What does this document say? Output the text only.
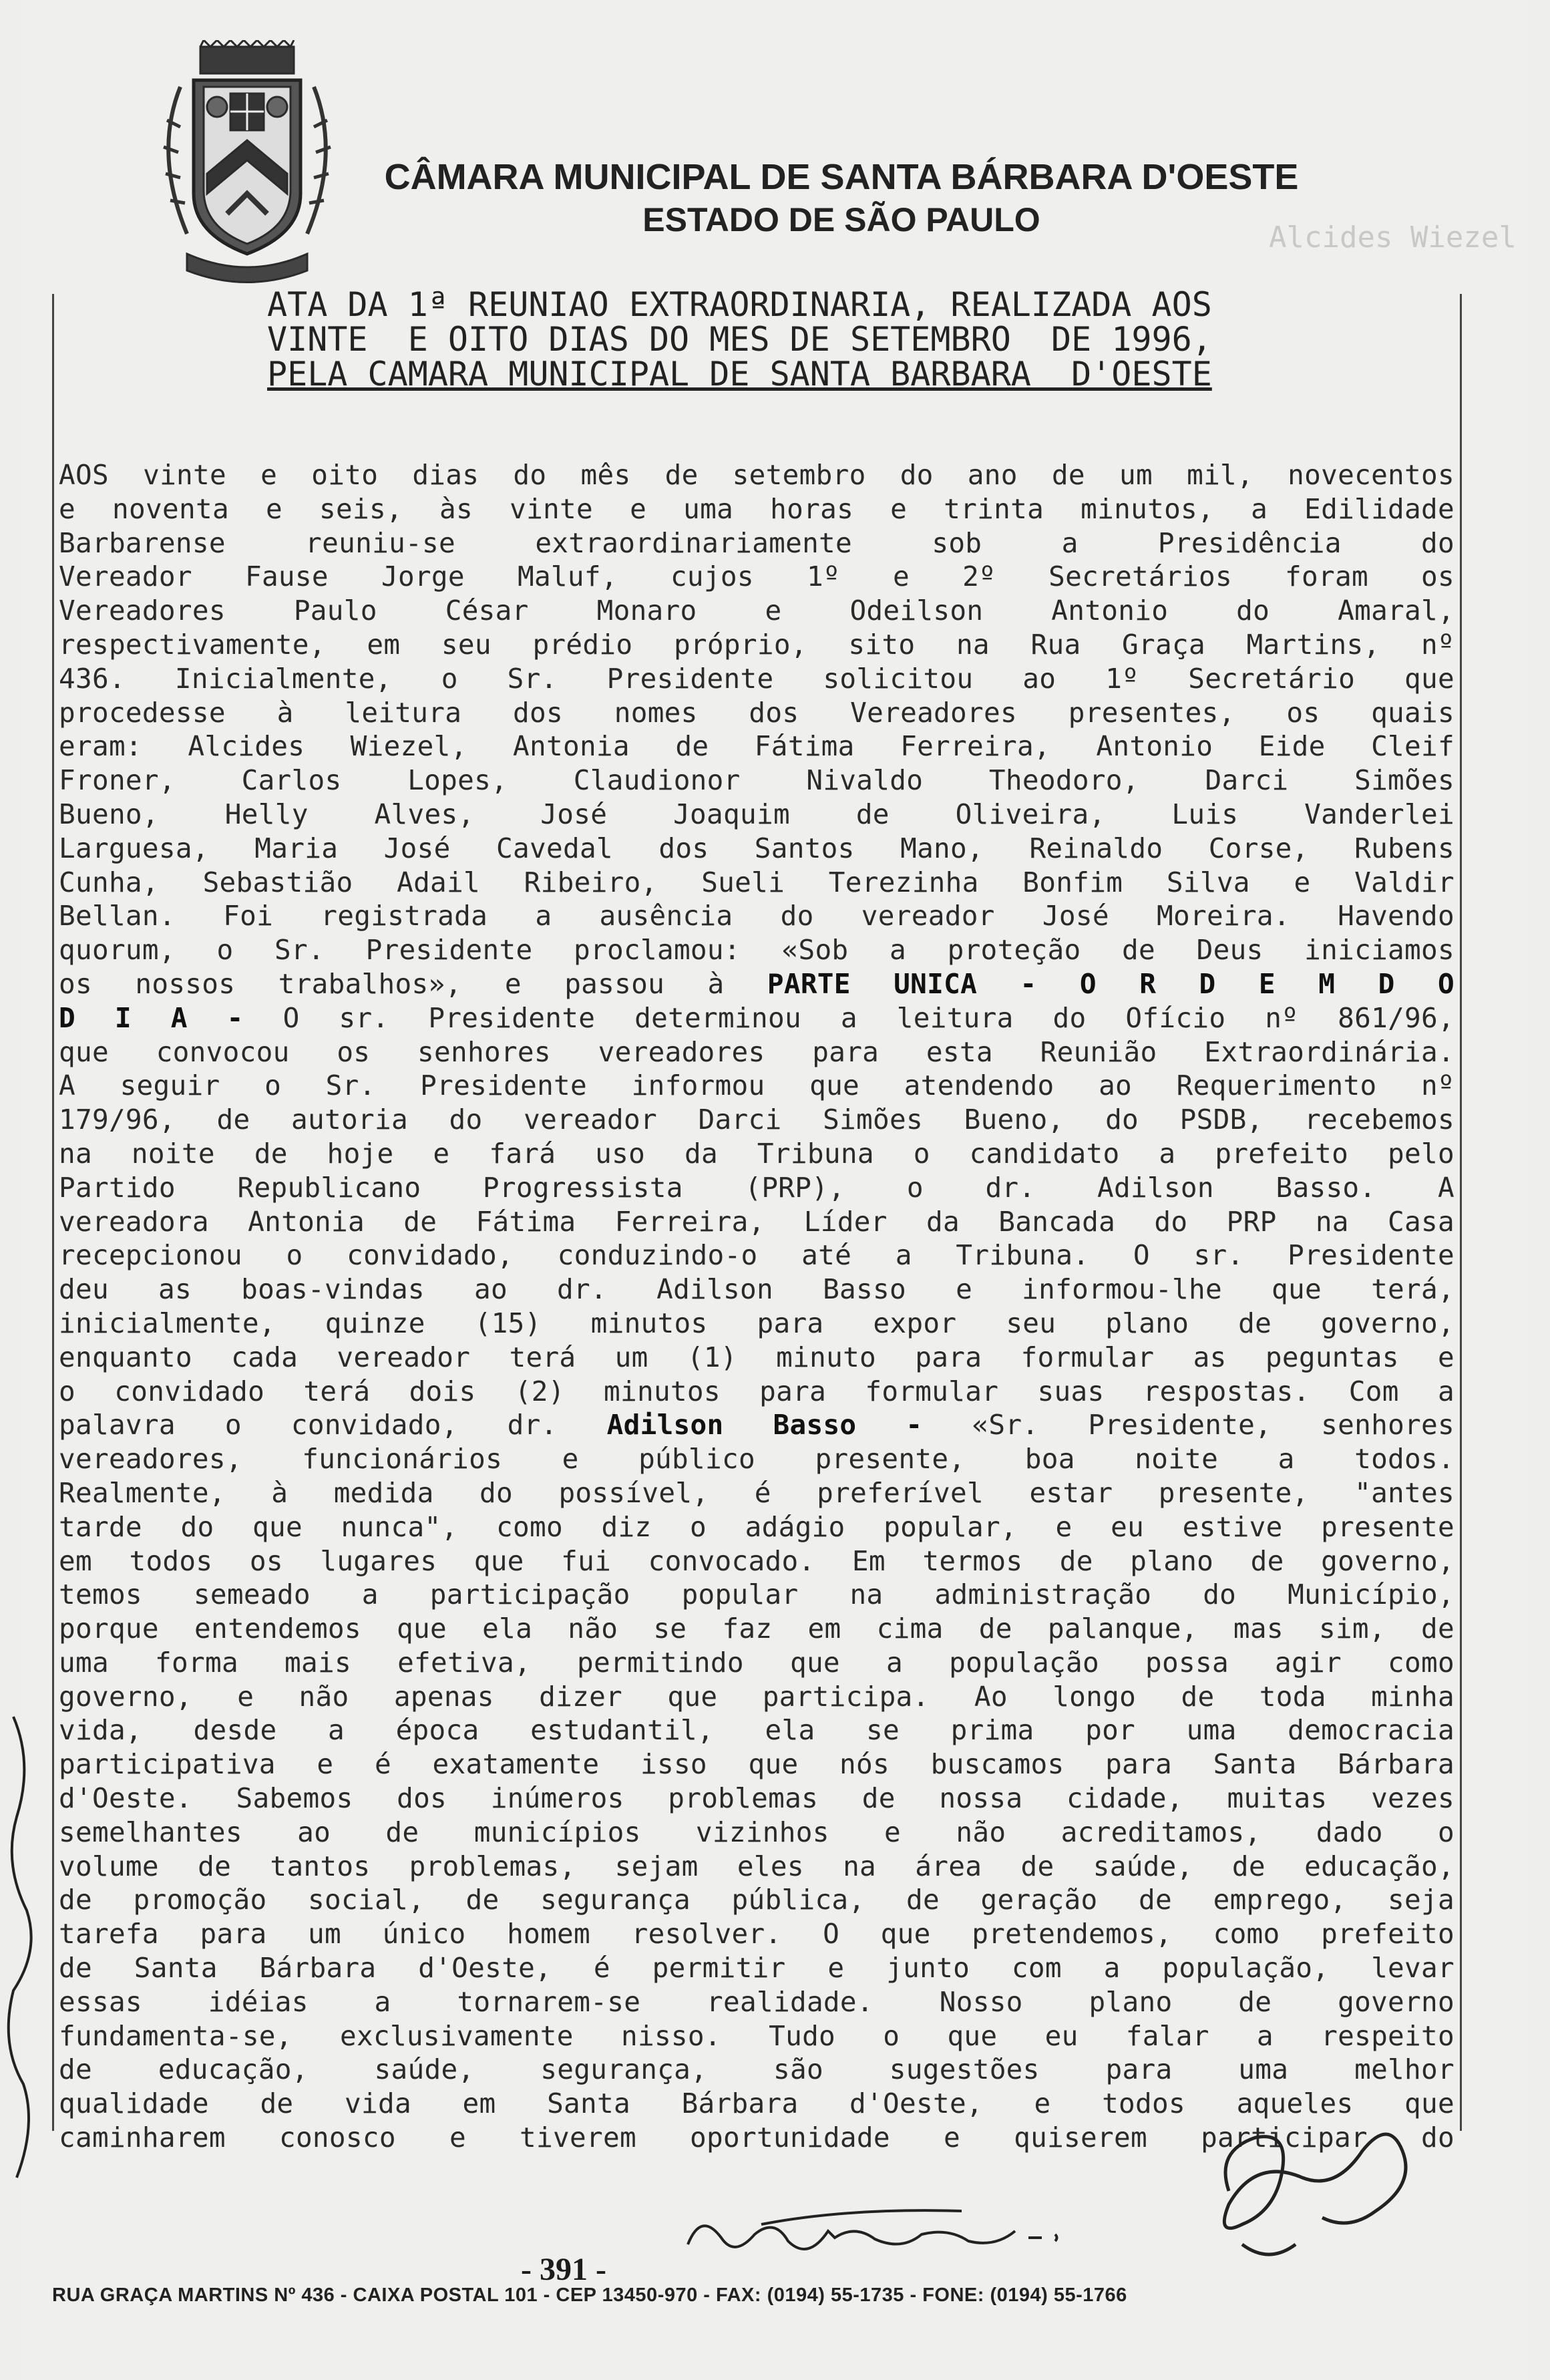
Alcides Wiezel
CÂMARA MUNICIPAL DE SANTA BÁRBARA D'OESTE
ESTADO DE SÃO PAULO
ATA DA 1ª REUNIAO EXTRAORDINARIA, REALIZADA AOS
VINTE  E OITO DIAS DO MES DE SETEMBRO  DE 1996,
PELA CAMARA MUNICIPAL DE SANTA BARBARA  D'OESTE

AOS vinte e oito dias do mês de setembro do ano de um mil, novecentos

e noventa e seis, às vinte e uma horas e trinta minutos, a Edilidade

Barbarense reuniu-se extraordinariamente sob a Presidência do

Vereador Fause Jorge Maluf, cujos 1º e 2º Secretários foram os

Vereadores Paulo César Monaro e Odeilson Antonio do Amaral,

respectivamente, em seu prédio próprio, sito na Rua Graça Martins, nº

436. Inicialmente, o Sr. Presidente solicitou ao 1º Secretário que

procedesse à leitura dos nomes dos Vereadores presentes, os quais

eram: Alcides Wiezel, Antonia de Fátima Ferreira, Antonio Eide Cleif

Froner, Carlos Lopes, Claudionor Nivaldo Theodoro, Darci Simões

Bueno, Helly Alves, José Joaquim de Oliveira, Luis Vanderlei

Larguesa, Maria José Cavedal dos Santos Mano, Reinaldo Corse, Rubens

Cunha, Sebastião Adail Ribeiro, Sueli Terezinha Bonfim Silva e Valdir

Bellan. Foi registrada a ausência do vereador José Moreira. Havendo

quorum, o Sr. Presidente proclamou: «Sob a proteção de Deus iniciamos

os nossos trabalhos», e passou à PARTE UNICA - O R D E M D O

D I A - O sr. Presidente determinou a leitura do Ofício nº 861/96,

que convocou os senhores vereadores para esta Reunião Extraordinária.

A seguir o Sr. Presidente informou que atendendo ao Requerimento nº

179/96, de autoria do vereador Darci Simões Bueno, do PSDB, recebemos

na noite de hoje e fará uso da Tribuna o candidato a prefeito pelo

Partido Republicano Progressista (PRP), o dr. Adilson Basso. A

vereadora Antonia de Fátima Ferreira, Líder da Bancada do PRP na Casa

recepcionou o convidado, conduzindo-o até a Tribuna. O sr. Presidente

deu as boas-vindas ao dr. Adilson Basso e informou-lhe que terá,

inicialmente, quinze (15) minutos para expor seu plano de governo,

enquanto cada vereador terá um (1) minuto para formular as peguntas e

o convidado terá dois (2) minutos para formular suas respostas. Com a

palavra o convidado, dr. Adilson Basso - «Sr. Presidente, senhores

vereadores, funcionários e público presente, boa noite a todos.

Realmente, à medida do possível, é preferível estar presente, "antes

tarde do que nunca", como diz o adágio popular, e eu estive presente

em todos os lugares que fui convocado. Em termos de plano de governo,

temos semeado a participação popular na administração do Município,

porque entendemos que ela não se faz em cima de palanque, mas sim, de

uma forma mais efetiva, permitindo que a população possa agir como

governo, e não apenas dizer que participa. Ao longo de toda minha

vida, desde a época estudantil, ela se prima por uma democracia

participativa e é exatamente isso que nós buscamos para Santa Bárbara

d'Oeste. Sabemos dos inúmeros problemas de nossa cidade, muitas vezes

semelhantes ao de municípios vizinhos e não acreditamos, dado o

volume de tantos problemas, sejam eles na área de saúde, de educação,

de promoção social, de segurança pública, de geração de emprego, seja

tarefa para um único homem resolver. O que pretendemos, como prefeito

de Santa Bárbara d'Oeste, é permitir e junto com a população, levar

essas idéias a tornarem-se realidade. Nosso plano de governo

fundamenta-se, exclusivamente nisso. Tudo o que eu falar a respeito

de educação, saúde, segurança, são sugestões para uma melhor

qualidade de vida em Santa Bárbara d'Oeste, e todos aqueles que

caminharem conosco e tiverem oportunidade e quiserem participar do

- 391 -
RUA GRAÇA MARTINS Nº 436 - CAIXA POSTAL 101 - CEP 13450-970 - FAX: (0194) 55-1735 - FONE: (0194) 55-1766
